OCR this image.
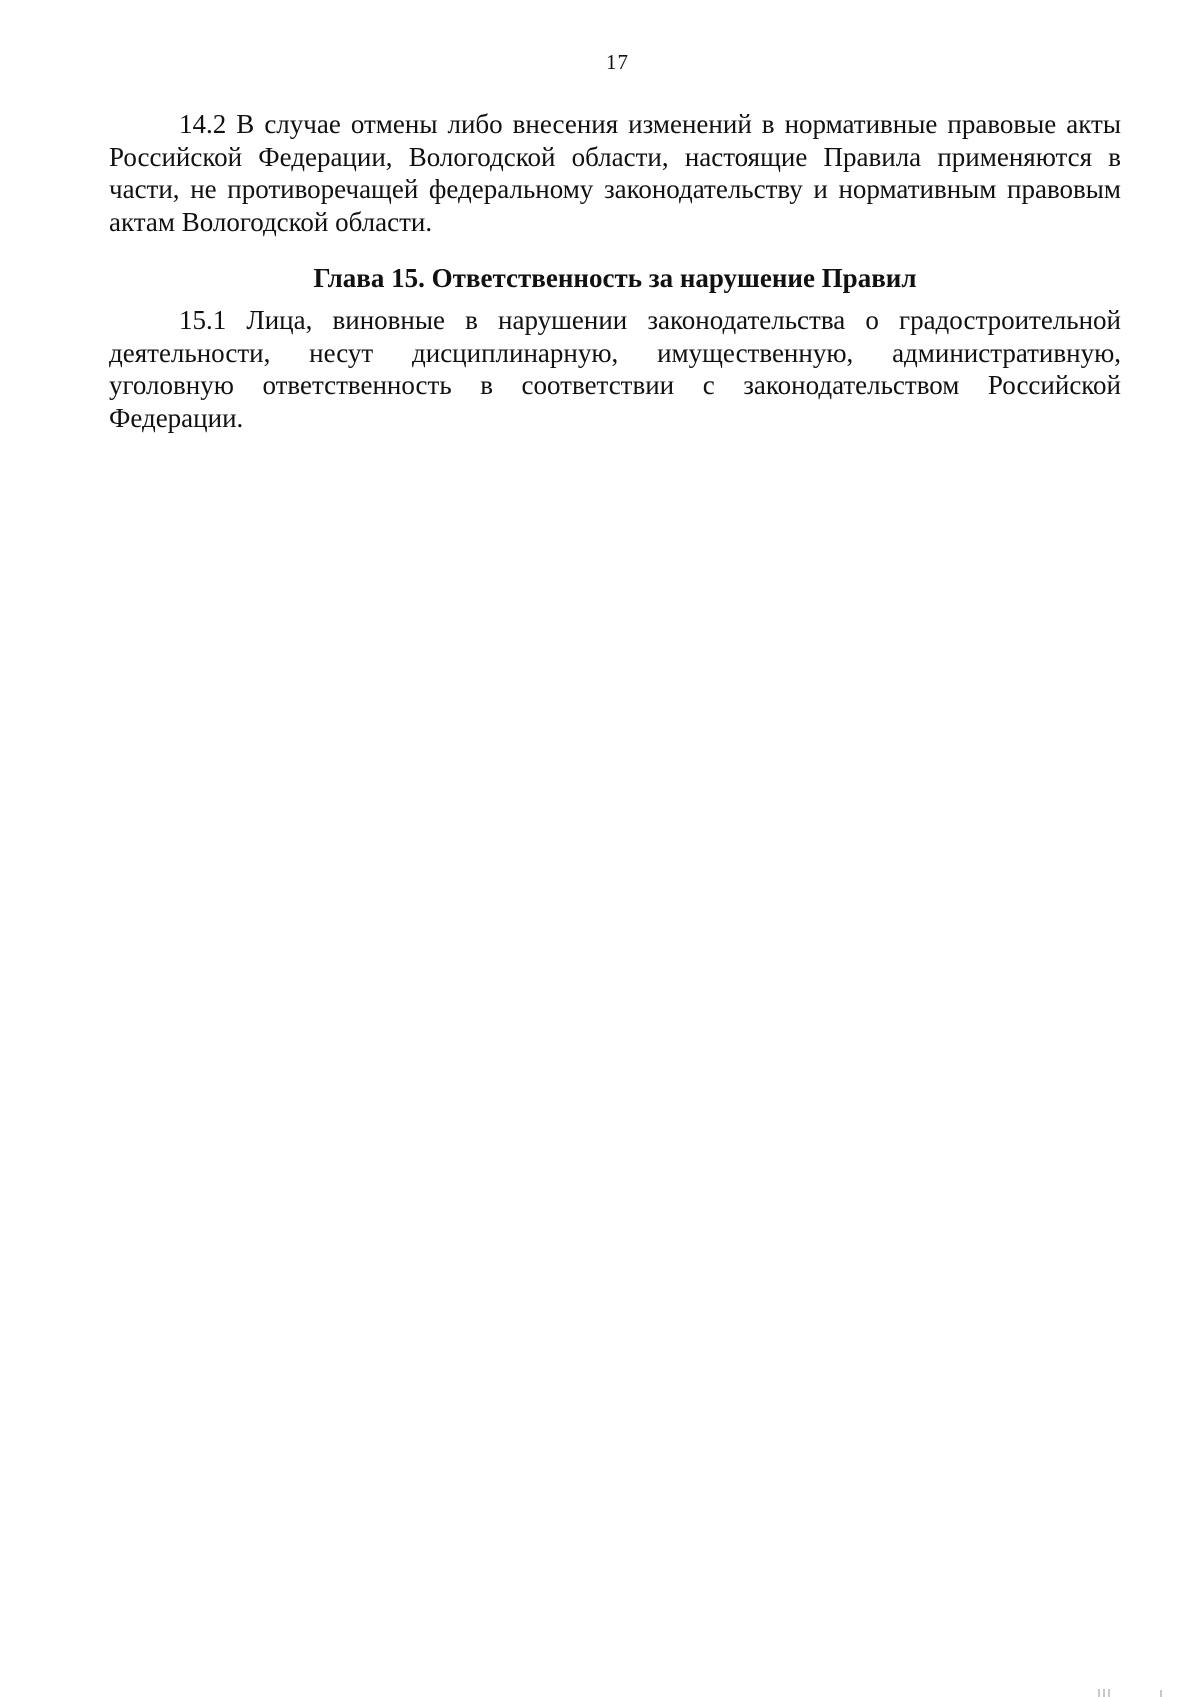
17

14.2 В случае отмены либо внесения изменений в нормативные правовые акты Российской Федерации, Вологодской области, настоящие Правила применяются в части, не противоречащей федеральному законодательству и нормативным правовым актам Вологодской области.

Глава 15. Ответственность за нарушение Правил

15.1 Лица, виновные в нарушении законодательства о градостроительной деятельности, несут дисциплинарную, имущественную, административную, уголовную ответственность в соответствии с законодательством Российской Федерации.
